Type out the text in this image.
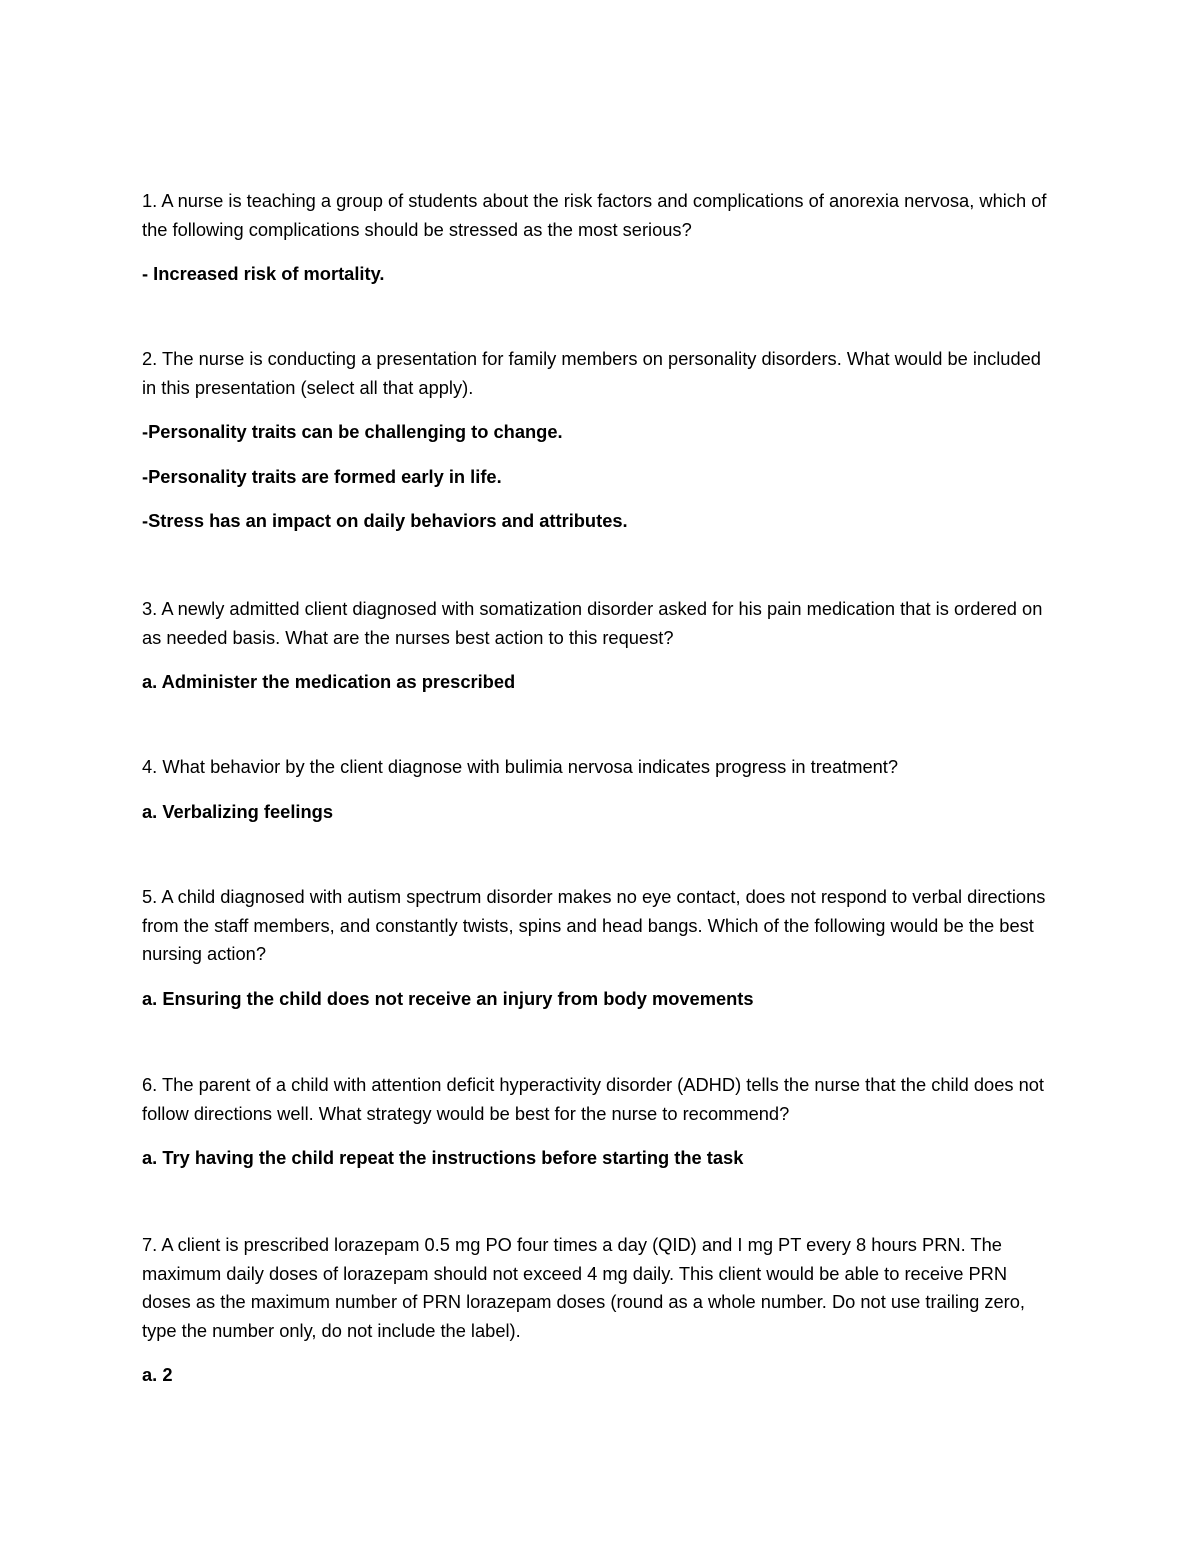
1. A nurse is teaching a group of students about the risk factors and complications of anorexia nervosa, which of the following complications should be stressed as the most serious?

- Increased risk of mortality.

2. The nurse is conducting a presentation for family members on personality disorders. What would be included in this presentation (select all that apply).

-Personality traits can be challenging to change.

-Personality traits are formed early in life.

-Stress has an impact on daily behaviors and attributes.

3. A newly admitted client diagnosed with somatization disorder asked for his pain medication that is ordered on as needed basis. What are the nurses best action to this request?

a. Administer the medication as prescribed

4. What behavior by the client diagnose with bulimia nervosa indicates progress in treatment?

a. Verbalizing feelings

5. A child diagnosed with autism spectrum disorder makes no eye contact, does not respond to verbal directions from the staff members, and constantly twists, spins and head bangs. Which of the following would be the best nursing action?

a. Ensuring the child does not receive an injury from body movements

6. The parent of a child with attention deficit hyperactivity disorder (ADHD) tells the nurse that the child does not follow directions well. What strategy would be best for the nurse to recommend?

a. Try having the child repeat the instructions before starting the task

7. A client is prescribed lorazepam 0.5 mg PO four times a day (QID) and I mg PT every 8 hours PRN. The maximum daily doses of lorazepam should not exceed 4 mg daily. This client would be able to receive PRN doses as the maximum number of PRN lorazepam doses (round as a whole number. Do not use trailing zero, type the number only, do not include the label).

a. 2
